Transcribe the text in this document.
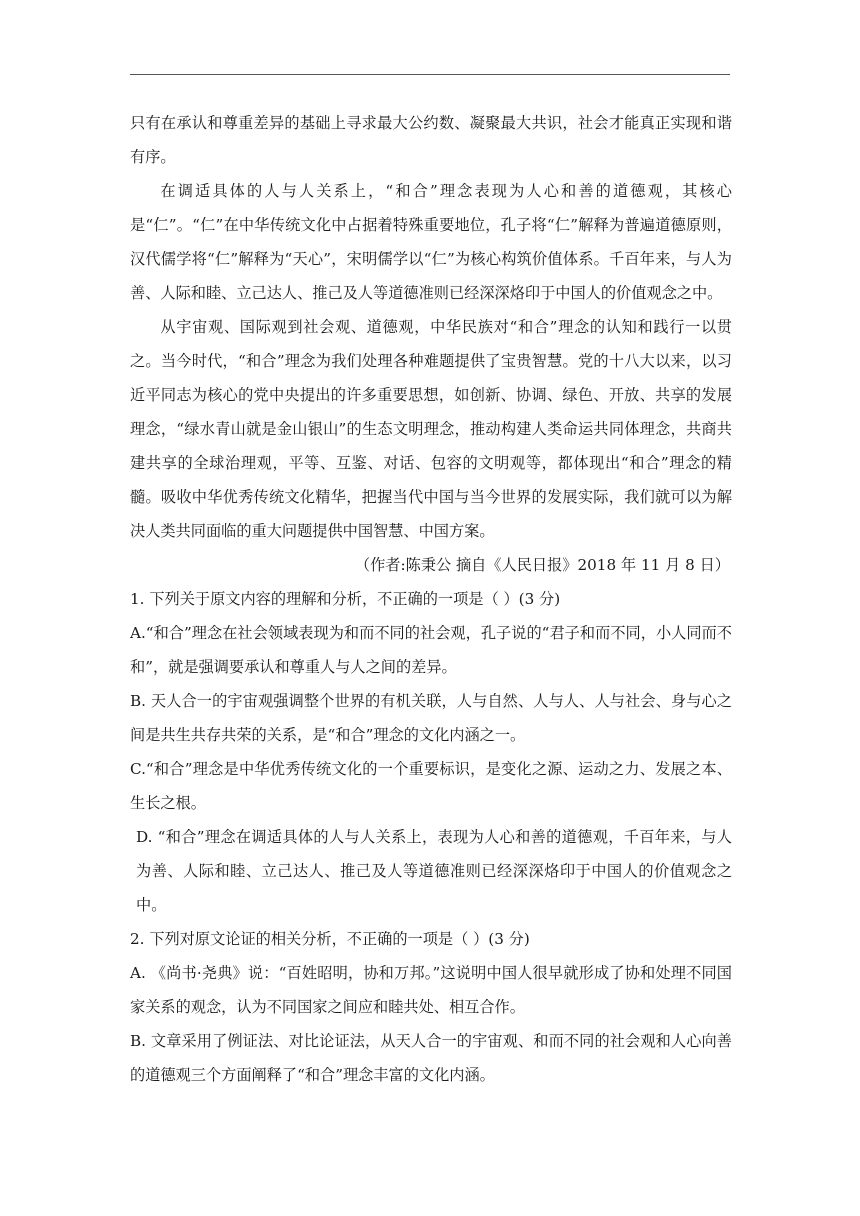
只有在承认和尊重差异的基础上寻求最大公约数、凝聚最大共识，社会才能真正实现和谐有序。

在调适具体的人与人关系上，“和合”理念表现为人心和善的道德观，其核心是“仁”。“仁”在中华传统文化中占据着特殊重要地位，孔子将“仁”解释为普遍道德原则，汉代儒学将“仁”解释为“天心”，宋明儒学以“仁”为核心构筑价值体系。千百年来，与人为善、人际和睦、立己达人、推己及人等道德准则已经深深烙印于中国人的价值观念之中。

从宇宙观、国际观到社会观、道德观，中华民族对“和合”理念的认知和践行一以贯之。当今时代，“和合”理念为我们处理各种难题提供了宝贵智慧。党的十八大以来，以习近平同志为核心的党中央提出的许多重要思想，如创新、协调、绿色、开放、共享的发展理念，“绿水青山就是金山银山”的生态文明理念，推动构建人类命运共同体理念，共商共建共享的全球治理观，平等、互鉴、对话、包容的文明观等，都体现出“和合”理念的精髓。吸收中华优秀传统文化精华，把握当代中国与当今世界的发展实际，我们就可以为解决人类共同面临的重大问题提供中国智慧、中国方案。

（作者:陈秉公 摘自《人民日报》2018 年 11 月 8 日）

1. 下列关于原文内容的理解和分析，不正确的一项是（ ）(3 分)

A.“和合”理念在社会领域表现为和而不同的社会观，孔子说的“君子和而不同，小人同而不和”，就是强调要承认和尊重人与人之间的差异。

B. 天人合一的宇宙观强调整个世界的有机关联，人与自然、人与人、人与社会、身与心之间是共生共存共荣的关系，是“和合”理念的文化内涵之一。

C.“和合”理念是中华优秀传统文化的一个重要标识，是变化之源、运动之力、发展之本、生长之根。

D. “和合”理念在调适具体的人与人关系上，表现为人心和善的道德观，千百年来，与人为善、人际和睦、立己达人、推己及人等道德准则已经深深烙印于中国人的价值观念之中。

2. 下列对原文论证的相关分析，不正确的一项是（ ）(3 分)

A. 《尚书·尧典》说：“百姓昭明，协和万邦。”这说明中国人很早就形成了协和处理不同国家关系的观念，认为不同国家之间应和睦共处、相互合作。

B. 文章采用了例证法、对比论证法，从天人合一的宇宙观、和而不同的社会观和人心向善的道德观三个方面阐释了“和合”理念丰富的文化内涵。
